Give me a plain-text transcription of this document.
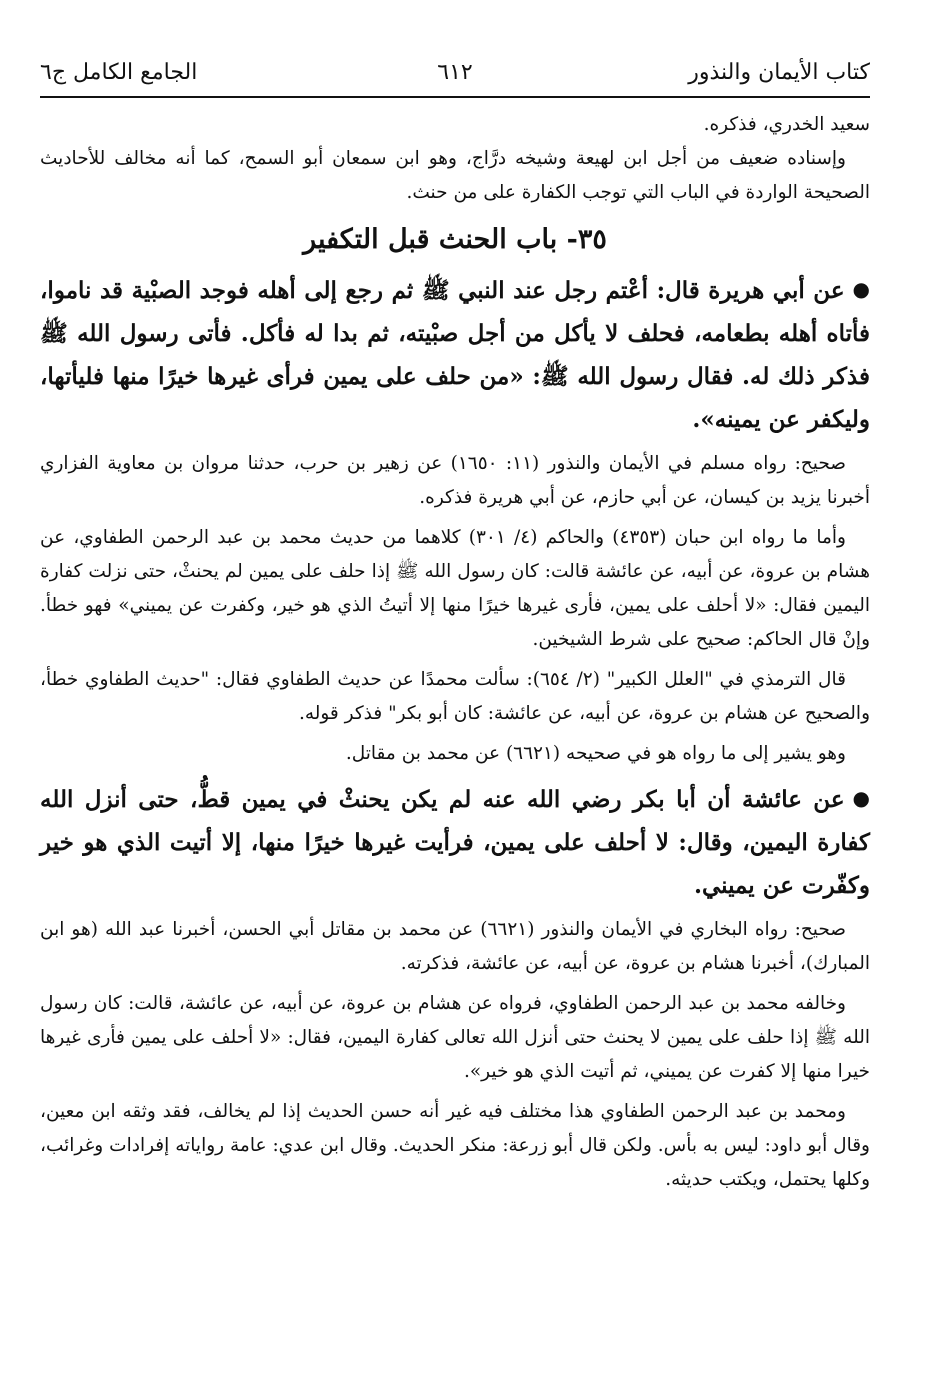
كتاب الأيمان والنذور
٦١٢
الجامع الكامل ج٦

سعيد الخدري، فذكره.

وإسناده ضعيف من أجل ابن لهيعة وشيخه درَّاج، وهو ابن سمعان أبو السمح، كما أنه مخالف للأحاديث الصحيحة الواردة في الباب التي توجب الكفارة على من حنث.

٣٥- باب الحنث قبل التكفير

●عن أبي هريرة قال: أعْتم رجل عند النبي ﷺ ثم رجع إلى أهله فوجد الصبْية قد ناموا، فأتاه أهله بطعامه، فحلف لا يأكل من أجل صبْيته، ثم بدا له فأكل. فأتى رسول الله ﷺ فذكر ذلك له. فقال رسول الله ﷺ: «من حلف على يمين فرأى غيرها خيرًا منها فليأتها، وليكفر عن يمينه».

صحيح: رواه مسلم في الأيمان والنذور (١١: ١٦٥٠) عن زهير بن حرب، حدثنا مروان بن معاوية الفزاري أخبرنا يزيد بن كيسان، عن أبي حازم، عن أبي هريرة فذكره.

وأما ما رواه ابن حبان (٤٣٥٣) والحاكم (٤/ ٣٠١) كلاهما من حديث محمد بن عبد الرحمن الطفاوي، عن هشام بن عروة، عن أبيه، عن عائشة قالت: كان رسول الله ﷺ إذا حلف على يمين لم يحنثْ، حتى نزلت كفارة اليمين فقال: «لا أحلف على يمين، فأرى غيرها خيرًا منها إلا أتيتُ الذي هو خير، وكفرت عن يميني» فهو خطأ. وإنْ قال الحاكم: صحيح على شرط الشيخين.

قال الترمذي في "العلل الكبير" (٢/ ٦٥٤): سألت محمدًا عن حديث الطفاوي فقال: "حديث الطفاوي خطأ، والصحيح عن هشام بن عروة، عن أبيه، عن عائشة: كان أبو بكر" فذكر قوله.

وهو يشير إلى ما رواه هو في صحيحه (٦٦٢١) عن محمد بن مقاتل.

●عن عائشة أن أبا بكر رضي الله عنه لم يكن يحنثْ في يمين قطُّ، حتى أنزل الله كفارة اليمين، وقال: لا أحلف على يمين، فرأيت غيرها خيرًا منها، إلا أتيت الذي هو خير وكفّرت عن يميني.

صحيح: رواه البخاري في الأيمان والنذور (٦٦٢١) عن محمد بن مقاتل أبي الحسن، أخبرنا عبد الله (هو ابن المبارك)، أخبرنا هشام بن عروة، عن أبيه، عن عائشة، فذكرته.

وخالفه محمد بن عبد الرحمن الطفاوي، فرواه عن هشام بن عروة، عن أبيه، عن عائشة، قالت: كان رسول الله ﷺ إذا حلف على يمين لا يحنث حتى أنزل الله تعالى كفارة اليمين، فقال: «لا أحلف على يمين فأرى غيرها خيرا منها إلا كفرت عن يميني، ثم أتيت الذي هو خير».

ومحمد بن عبد الرحمن الطفاوي هذا مختلف فيه غير أنه حسن الحديث إذا لم يخالف، فقد وثقه ابن معين، وقال أبو داود: ليس به بأس. ولكن قال أبو زرعة: منكر الحديث. وقال ابن عدي: عامة رواياته إفرادات وغرائب، وكلها يحتمل، ويكتب حديثه.
